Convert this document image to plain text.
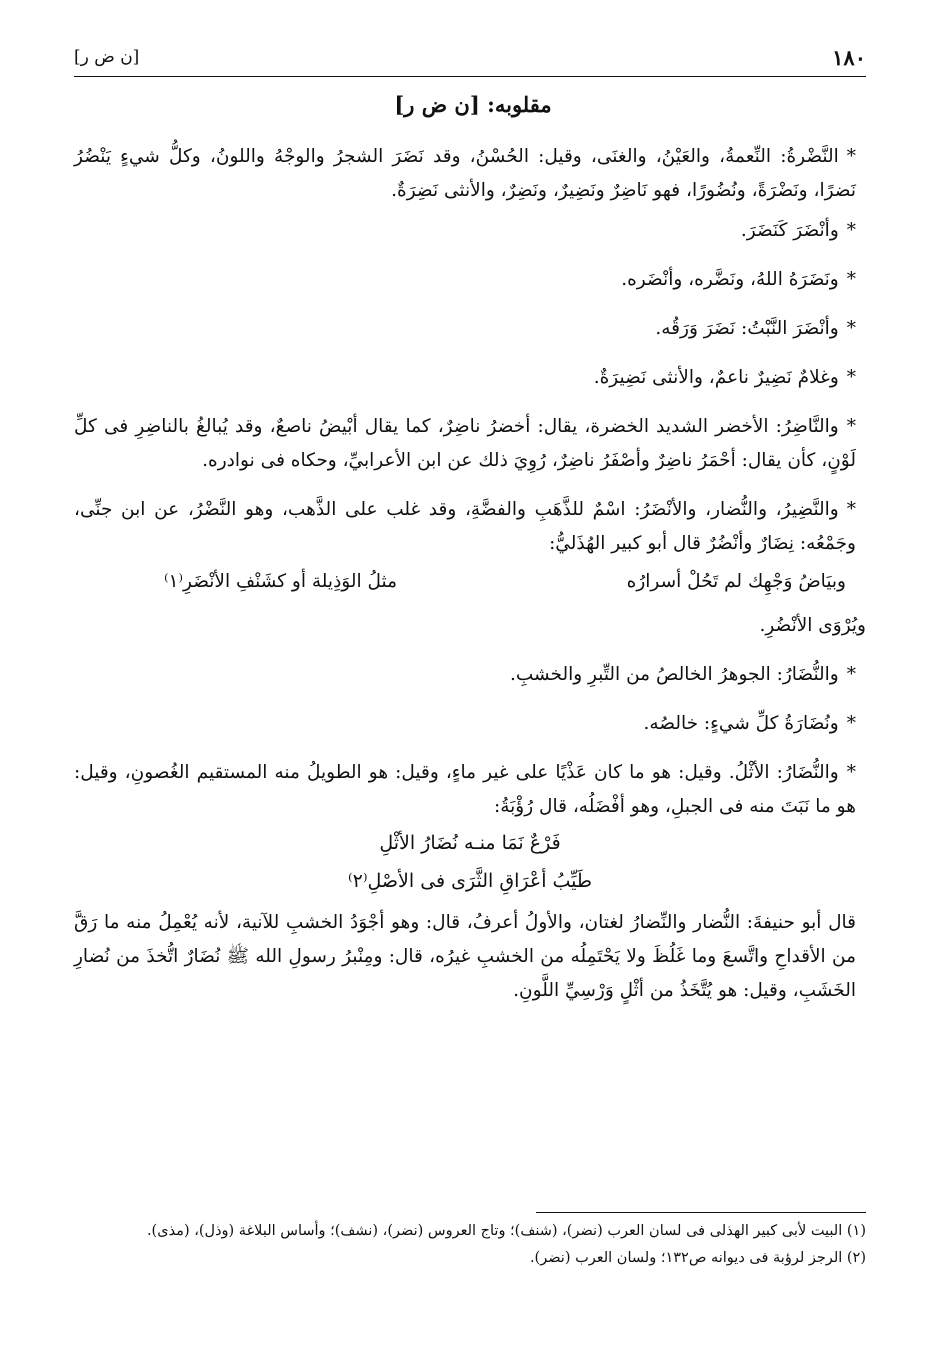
١٨٠
[ن ض ر]
مقلوبه: [ن ض ر]

*النَّضْرةُ: النِّعمةُ، والعَيْنُ، والغنَى، وقيل: الحُسْنُ، وقد نَضَرَ الشجرُ والوجْهُ واللونُ، وكلُّ شيءٍ يَنْضُرُ نَضرًا، ونَضْرَةً، ونُضُورًا، فهو نَاضِرٌ ونَضِيرٌ، ونَضِرٌ، والأنثى نَضِرَةٌ.

*وأنْضَرَ كَنَضَرَ.

*ونَضَرَهُ اللهُ، ونَضَّره، وأنْضَره.

*وأنْضَرَ النَّبْتُ: نَضَرَ وَرَقُه.

*وغلامٌ نَضِيرٌ ناعمٌ، والأنثى نَضِيرَةٌ.

*والنَّاضِرُ: الأخضر الشديد الخضرة، يقال: أخضرُ ناضِرٌ، كما يقال أبْيضُ ناصعٌ، وقد يُبالغُ بالناضِرِ فى كلِّ لَوْنٍ، كأن يقال: أحْمَرُ ناضِرٌ وأصْفَرُ ناضِرٌ، رُوِيَ ذلك عن ابن الأعرابيِّ، وحكاه فى نوادره.

*والنَّضِيرُ، والنُّضار، والأنْضَرُ: اسْمٌ للذَّهَبِ والفضَّةِ، وقد غلب على الذَّهب، وهو النَّضْرُ، عن ابن جنِّى، وجَمْعُه: نِضَارٌ وأنْضُرٌ قال أبو كبير الهُذَليُّ:

وبيَاضُ وَجْهِك لم تَحُلْ أسرارُه
مثلُ الوَذِيلة أو كشَنْفِ الأنْضَرِ⁽١⁾

ويُرْوَى الأنْضُرِ.

*والنُّضَارُ: الجوهرُ الخالصُ من التِّبرِ والخشبِ.

*ونُضَارَةُ كلِّ شيءٍ: خالصُه.

*والنُّضَارُ: الأثْلُ. وقيل: هو ما كان عَذْيًا على غير ماءٍ، وقيل: هو الطويلُ منه المستقيم الغُصونِ، وقيل: هو ما نَبَتَ منه فى الجبلِ، وهو أفْضَلُه، قال رُؤْبَةُ:

فَرْعٌ نَمَا منـه نُضَارُ الأثْلِ
طَيِّبُ أعْرَاقِ الثَّرَى فى الأصْلِ⁽٢⁾

قال أبو حنيفةَ: النُّضار والنِّضارُ لغتان، والأولُ أعرفُ، قال: وهو أجْوَدُ الخشبِ للآنية، لأنه يُعْمِلُ منه ما رَقَّ من الأقداحِ واتَّسعَ وما غَلُظَ ولا يَحْتَمِلُه من الخشبِ غيرُه، قال: ومِنْبرُ رسولِ الله ﷺ نُضَارٌ اتُّخذَ من نُضارِ الخَشَبِ، وقيل: هو يُتَّخَذُ من أثْلٍ وَرْسِيِّ اللَّونِ.

(١) البيت لأبى كبير الهذلى فى لسان العرب (نضر)، (شنف)؛ وتاج العروس (نضر)، (نشف)؛ وأساس البلاغة (وذل)، (مذى).

(٢) الرجز لرؤبة فى ديوانه ص١٣٢؛ ولسان العرب (نضر).
